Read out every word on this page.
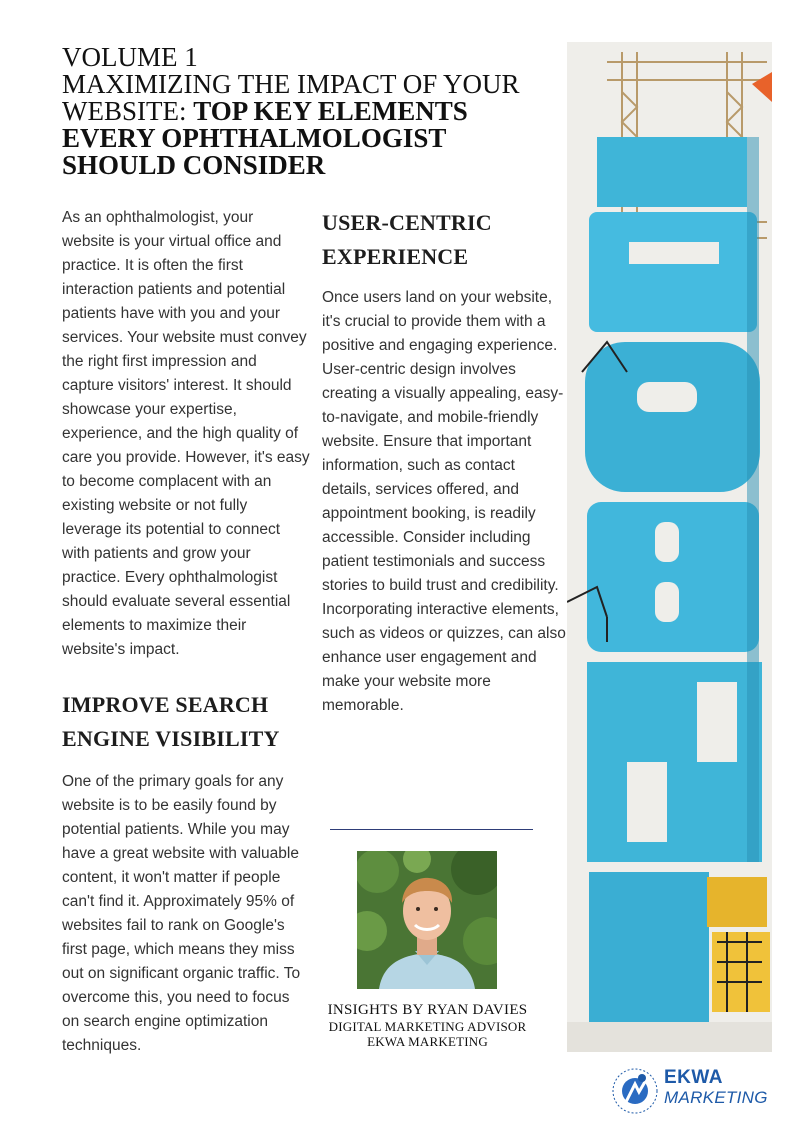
VOLUME 1
MAXIMIZING THE IMPACT OF YOUR WEBSITE: TOP KEY ELEMENTS EVERY OPHTHALMOLOGIST SHOULD CONSIDER

As an ophthalmologist, your website is your virtual office and practice. It is often the first interaction patients and potential patients have with you and your services. Your website must convey the right first impression and capture visitors' interest. It should showcase your expertise, experience, and the high quality of care you provide. However, it's easy to become complacent with an existing website or not fully leverage its potential to connect with patients and grow your practice. Every ophthalmologist should evaluate several essential elements to maximize their website's impact.

IMPROVE SEARCH ENGINE VISIBILITY

One of the primary goals for any website is to be easily found by potential patients. While you may have a great website with valuable content, it won't matter if people can't find it. Approximately 95% of websites fail to rank on Google's first page, which means they miss out on significant organic traffic. To overcome this, you need to focus on search engine optimization techniques.

USER-CENTRIC EXPERIENCE

Once users land on your website, it's crucial to provide them with a positive and engaging experience. User-centric design involves creating a visually appealing, easy-to-navigate, and mobile-friendly website. Ensure that important information, such as contact details, services offered, and appointment booking, is readily accessible. Consider including patient testimonials and success stories to build trust and credibility. Incorporating interactive elements, such as videos or quizzes, can also enhance user engagement and make your website more memorable.

INSIGHTS BY RYAN DAVIES
DIGITAL MARKETING ADVISOR
EKWA MARKETING
EKWA
MARKETING
